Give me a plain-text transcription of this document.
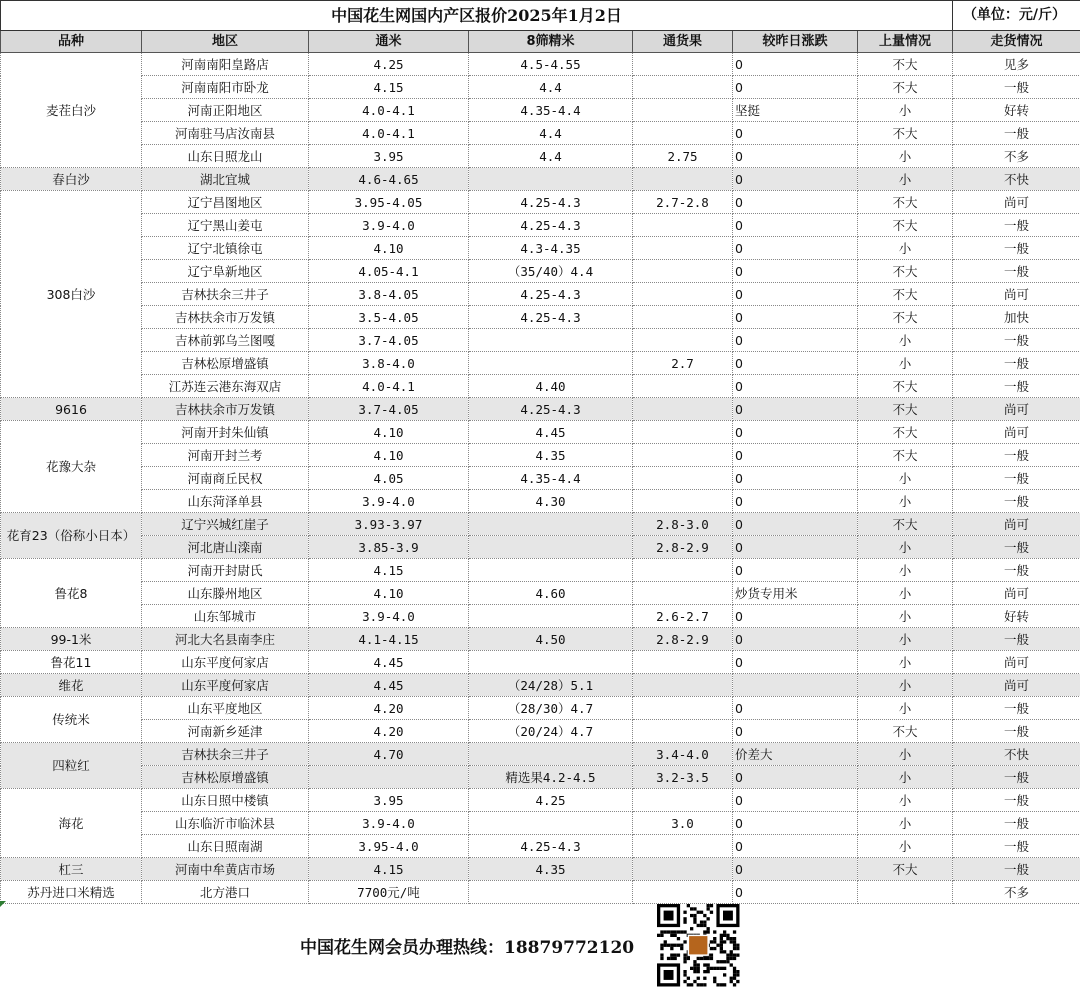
中国花生网国内产区报价2025年1月2日							（单位：元/斤）
品种	地区	通米	8筛精米	通货果	较昨日涨跌	上量情况	走货情况
麦茬白沙	河南南阳皇路店	4.25	4.5-4.55		0	不大	见多
	河南南阳市卧龙	4.15	4.4		0	不大	一般
	河南正阳地区	4.0-4.1	4.35-4.4		坚挺	小	好转
	河南驻马店汝南县	4.0-4.1	4.4		0	不大	一般
	山东日照龙山	3.95	4.4	2.75	0	小	不多
春白沙	湖北宜城	4.6-4.65			0	小	不快
308白沙	辽宁昌图地区	3.95-4.05	4.25-4.3	2.7-2.8	0	不大	尚可
	辽宁黑山姜屯	3.9-4.0	4.25-4.3		0	不大	一般
	辽宁北镇徐屯	4.10	4.3-4.35		0	小	一般
	辽宁阜新地区	4.05-4.1	（35/40）4.4		0	不大	一般
	吉林扶余三井子	3.8-4.05	4.25-4.3		0	不大	尚可
	吉林扶余市万发镇	3.5-4.05	4.25-4.3		0	不大	加快
	吉林前郭乌兰图嘎	3.7-4.05			0	小	一般
	吉林松原增盛镇	3.8-4.0		2.7	0	小	一般
	江苏连云港东海双店	4.0-4.1	4.40		0	不大	一般
9616	吉林扶余市万发镇	3.7-4.05	4.25-4.3		0	不大	尚可
花豫大杂	河南开封朱仙镇	4.10	4.45		0	不大	尚可
	河南开封兰考	4.10	4.35		0	不大	一般
	河南商丘民权	4.05	4.35-4.4		0	小	一般
	山东菏泽单县	3.9-4.0	4.30		0	小	一般
花育23（俗称小日本）	辽宁兴城红崖子	3.93-3.97		2.8-3.0	0	不大	尚可
	河北唐山滦南	3.85-3.9		2.8-2.9	0	小	一般
鲁花8	河南开封尉氏	4.15			0	小	一般
	山东滕州地区	4.10	4.60		炒货专用米	小	尚可
	山东邹城市	3.9-4.0		2.6-2.7	0	小	好转
99-1米	河北大名县南李庄	4.1-4.15	4.50	2.8-2.9	0	小	一般
鲁花11	山东平度何家店	4.45			0	小	尚可
维花	山东平度何家店	4.45	（24/28）5.1			小	尚可
传统米	山东平度地区	4.20	（28/30）4.7		0	小	一般
	河南新乡延津	4.20	（20/24）4.7		0	不大	一般
四粒红	吉林扶余三井子	4.70		3.4-4.0	价差大	小	不快
	吉林松原增盛镇		精选果4.2-4.5	3.2-3.5	0	小	一般
海花	山东日照中楼镇	3.95	4.25		0	小	一般
	山东临沂市临沭县	3.9-4.0		3.0	0	小	一般
	山东日照南湖	3.95-4.0	4.25-4.3		0	小	一般
杠三	河南中牟黄店市场	4.15	4.35		0	不大	一般
苏丹进口米精选	北方港口	7700元/吨			0		不多
中国花生网会员办理热线：18879772120
